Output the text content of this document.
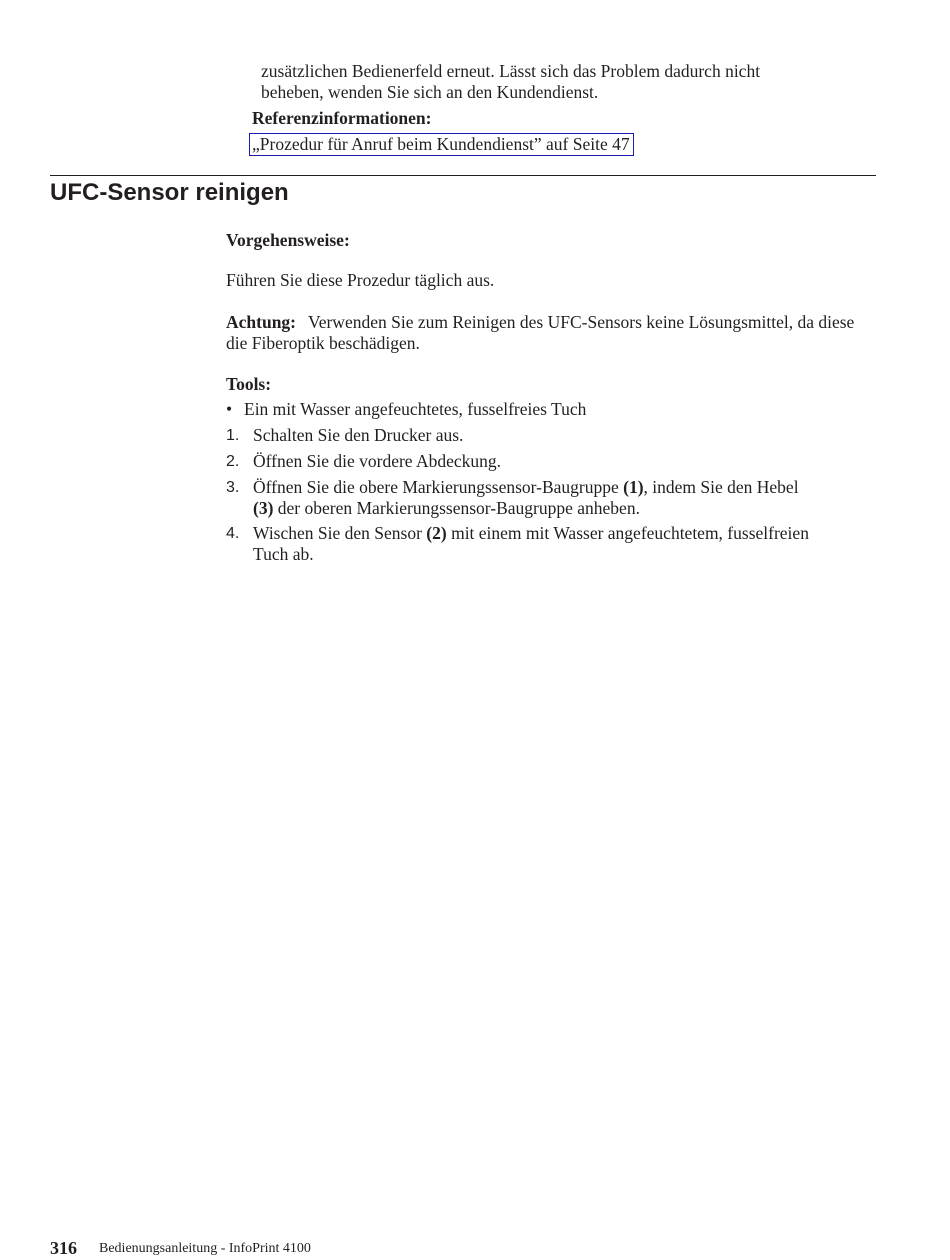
zusätzlichen Bedienerfeld erneut. Lässt sich das Problem dadurch nicht
beheben, wenden Sie sich an den Kundendienst.
Referenzinformationen:
„Prozedur für Anruf beim Kundendienst” auf Seite 47
UFC-Sensor reinigen
Vorgehensweise:
Führen Sie diese Prozedur täglich aus.
Achtung: Verwenden Sie zum Reinigen des UFC-Sensors keine Lösungsmittel, da diese die Fiberoptik beschädigen.
Tools:
• Ein mit Wasser angefeuchtetes, fusselfreies Tuch
1. Schalten Sie den Drucker aus.
2. Öffnen Sie die vordere Abdeckung.
3. Öffnen Sie die obere Markierungssensor-Baugruppe (1), indem Sie den Hebel
(3) der oberen Markierungssensor-Baugruppe anheben.
4. Wischen Sie den Sensor (2) mit einem mit Wasser angefeuchtetem, fusselfreien
Tuch ab.
316 Bedienungsanleitung - InfoPrint 4100
